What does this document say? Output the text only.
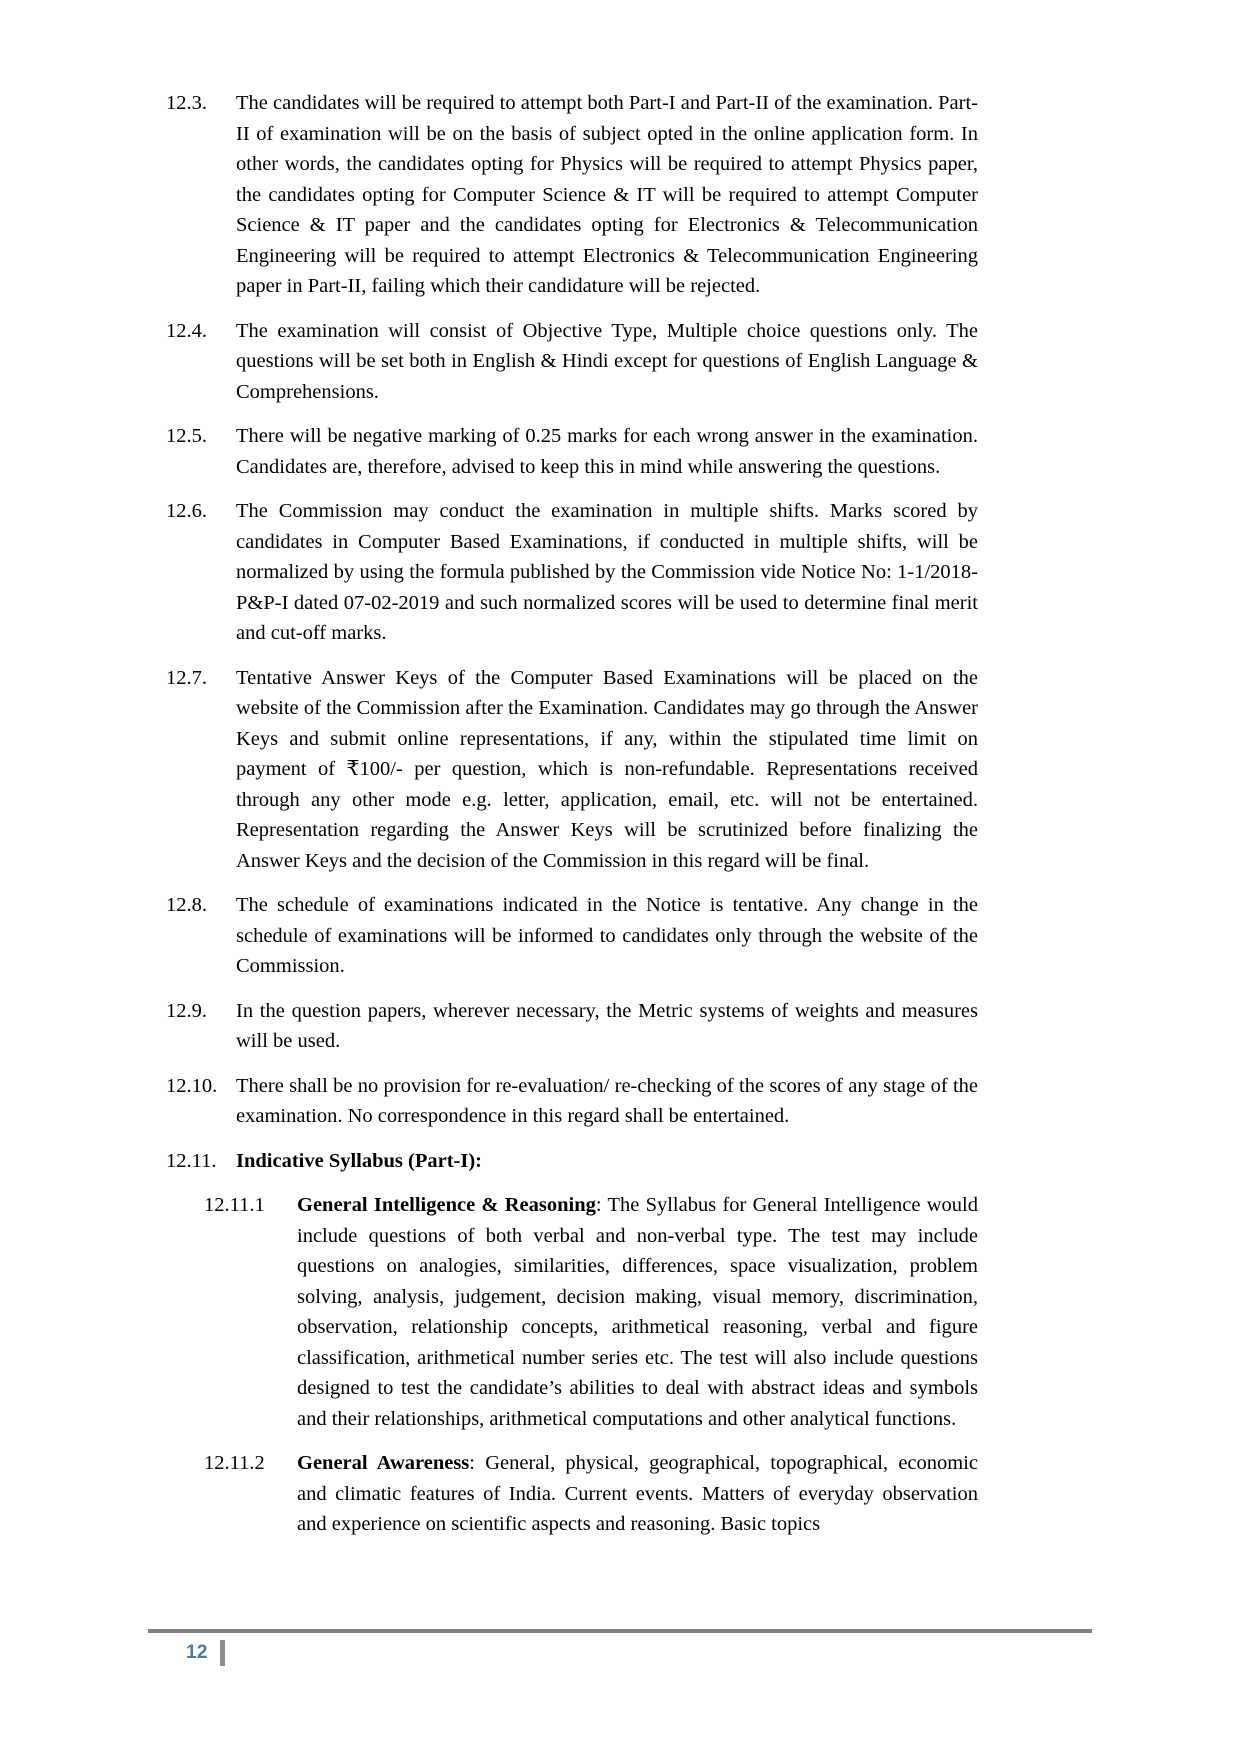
12.3.	The candidates will be required to attempt both Part-I and Part-II of the examination. Part-II of examination will be on the basis of subject opted in the online application form. In other words, the candidates opting for Physics will be required to attempt Physics paper, the candidates opting for Computer Science & IT will be required to attempt Computer Science & IT paper and the candidates opting for Electronics & Telecommunication Engineering will be required to attempt Electronics & Telecommunication Engineering paper in Part-II, failing which their candidature will be rejected.
12.4.	The examination will consist of Objective Type, Multiple choice questions only. The questions will be set both in English & Hindi except for questions of English Language & Comprehensions.
12.5.	There will be negative marking of 0.25 marks for each wrong answer in the examination. Candidates are, therefore, advised to keep this in mind while answering the questions.
12.6.	The Commission may conduct the examination in multiple shifts. Marks scored by candidates in Computer Based Examinations, if conducted in multiple shifts, will be normalized by using the formula published by the Commission vide Notice No: 1-1/2018-P&P-I dated 07-02-2019 and such normalized scores will be used to determine final merit and cut-off marks.
12.7.	Tentative Answer Keys of the Computer Based Examinations will be placed on the website of the Commission after the Examination. Candidates may go through the Answer Keys and submit online representations, if any, within the stipulated time limit on payment of ₹100/- per question, which is non-refundable. Representations received through any other mode e.g. letter, application, email, etc. will not be entertained. Representation regarding the Answer Keys will be scrutinized before finalizing the Answer Keys and the decision of the Commission in this regard will be final.
12.8.	The schedule of examinations indicated in the Notice is tentative. Any change in the schedule of examinations will be informed to candidates only through the website of the Commission.
12.9.	In the question papers, wherever necessary, the Metric systems of weights and measures will be used.
12.10. There shall be no provision for re-evaluation/ re-checking of the scores of any stage of the examination. No correspondence in this regard shall be entertained.
12.11. Indicative Syllabus (Part-I):
12.11.1	General Intelligence & Reasoning: The Syllabus for General Intelligence would include questions of both verbal and non-verbal type. The test may include questions on analogies, similarities, differences, space visualization, problem solving, analysis, judgement, decision making, visual memory, discrimination, observation, relationship concepts, arithmetical reasoning, verbal and figure classification, arithmetical number series etc. The test will also include questions designed to test the candidate’s abilities to deal with abstract ideas and symbols and their relationships, arithmetical computations and other analytical functions.
12.11.2	General Awareness: General, physical, geographical, topographical, economic and climatic features of India. Current events. Matters of everyday observation and experience on scientific aspects and reasoning. Basic topics
12
